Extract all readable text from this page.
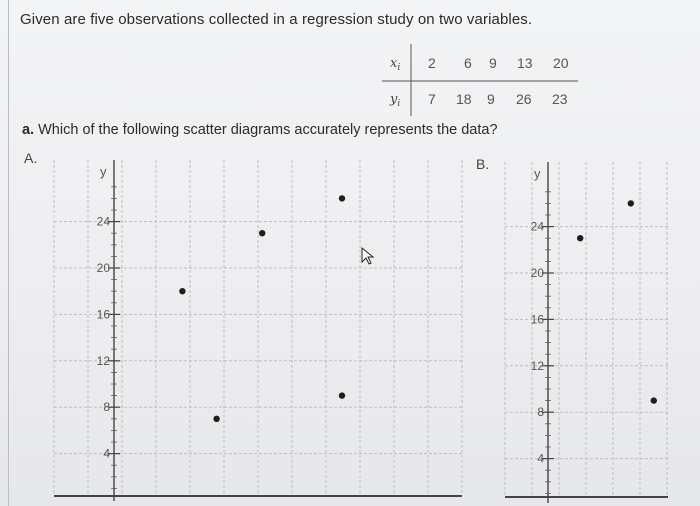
Given are five observations collected in a regression study on two variables.
$x_i$
$y_i$
2 6 9 13 20
7 18 9 26 23
a. Which of the following scatter diagrams accurately represents the data?
A.	B.
y
4
8
12
16
20
24
y
4
8
12
16
20
24
